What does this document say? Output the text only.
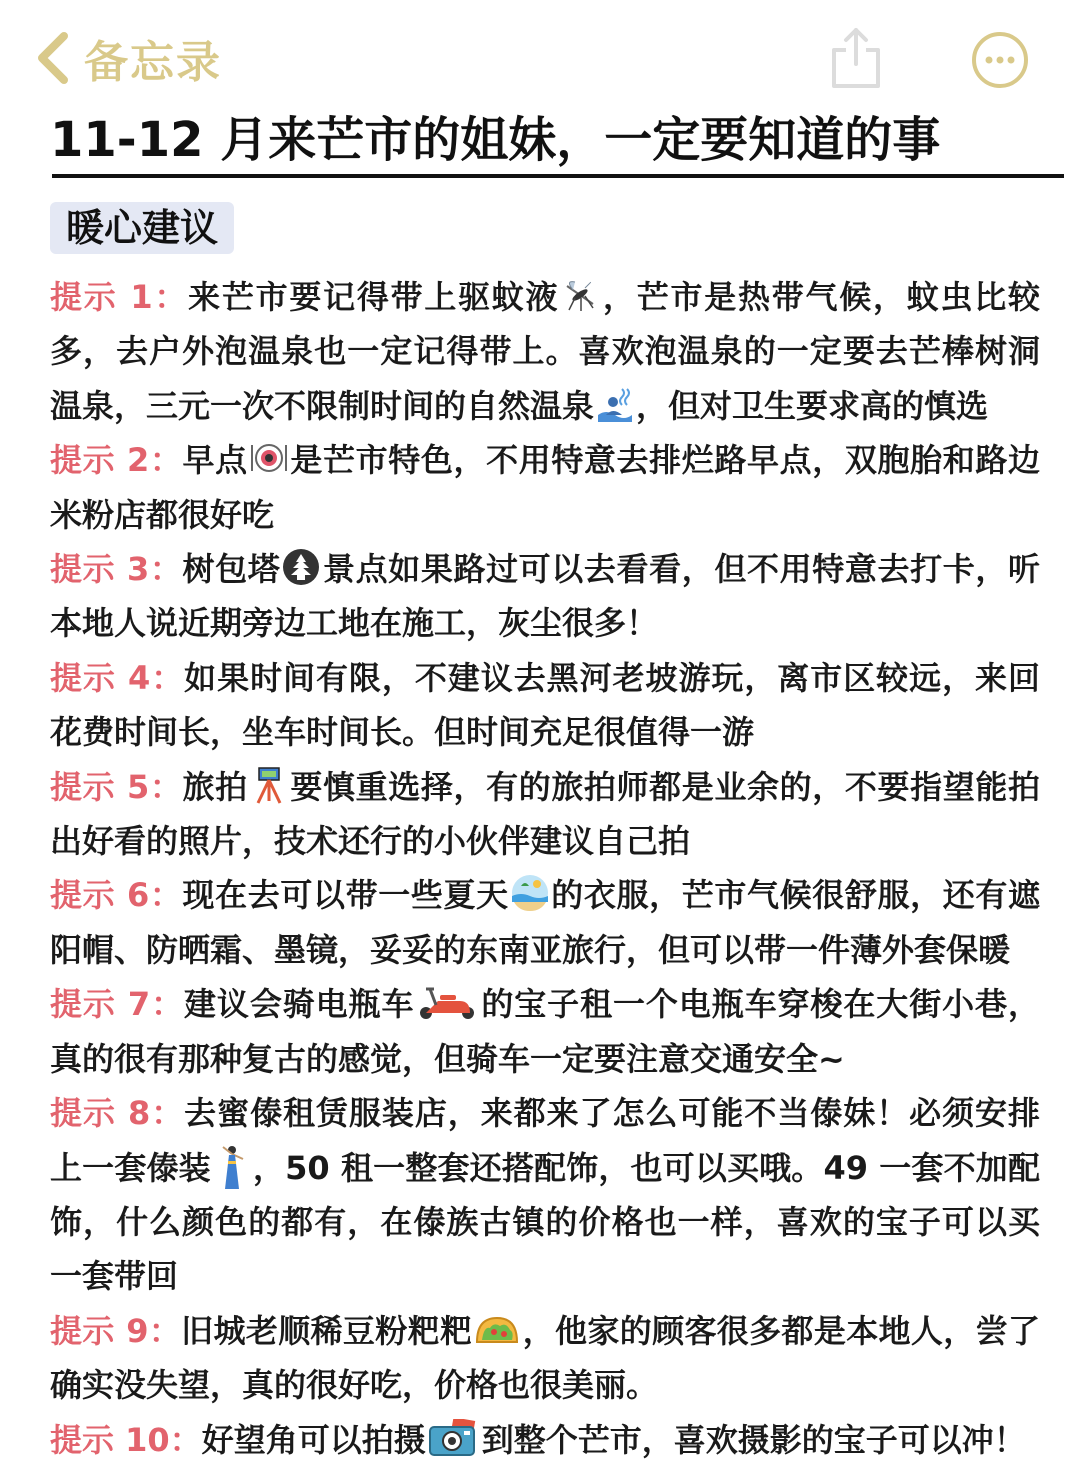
备忘录
11-12 月来芒市的姐妹，一定要知道的事
暖心建议
提示 1：来芒市要记得带上驱蚊液 ，芒市是热带气候，蚊虫比较多，去户外泡温泉也一定记得带上。喜欢泡温泉的一定要去芒棒树洞温泉，三元一次不限制时间的自然温泉 ，但对卫生要求高的慎选
提示 2：早点 是芒市特色，不用特意去排烂路早点，双胞胎和路边米粉店都很好吃
提示 3：树包塔 景点如果路过可以去看看，但不用特意去打卡，听本地人说近期旁边工地在施工，灰尘很多！
提示 4：如果时间有限，不建议去黑河老坡游玩，离市区较远，来回花费时间长，坐车时间长。但时间充足很值得一游
提示 5：旅拍 要慎重选择，有的旅拍师都是业余的，不要指望能拍出好看的照片，技术还行的小伙伴建议自己拍
提示 6：现在去可以带一些夏天 的衣服，芒市气候很舒服，还有遮阳帽、防晒霜、墨镜，妥妥的东南亚旅行，但可以带一件薄外套保暖
提示 7：建议会骑电瓶车 的宝子租一个电瓶车穿梭在大街小巷，真的很有那种复古的感觉，但骑车一定要注意交通安全~
提示 8：去蜜傣租赁服装店，来都来了怎么可能不当傣妹！必须安排上一套傣装 ，50 租一整套还搭配饰，也可以买哦。49 一套不加配饰，什么颜色的都有，在傣族古镇的价格也一样，喜欢的宝子可以买一套带回
提示 9：旧城老顺稀豆粉粑粑 ，他家的顾客很多都是本地人，尝了确实没失望，真的很好吃，价格也很美丽。
提示 10：好望角可以拍摄 到整个芒市，喜欢摄影的宝子可以冲！
